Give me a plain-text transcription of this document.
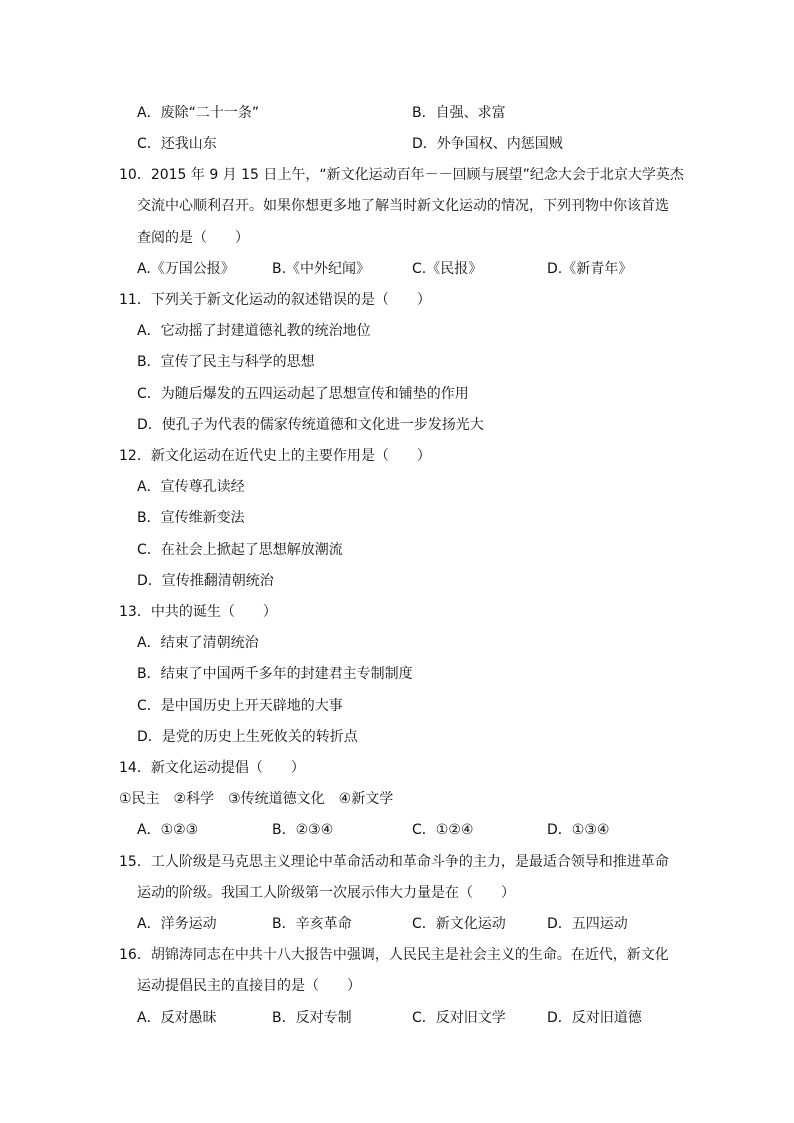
A．废除“二十一条”	B．自强、求富
C．还我山东	D．外争国权、内惩国贼
10．2015 年 9 月 15 日上午，“新文化运动百年－－回顾与展望”纪念大会于北京大学英杰
交流中心顺利召开。如果你想更多地了解当时新文化运动的情况，下列刊物中你该首选
查阅的是（　　）
A.《万国公报》	B.《中外纪闻》	C.《民报》	D.《新青年》
11．下列关于新文化运动的叙述错误的是（　　）
A．它动摇了封建道德礼教的统治地位
B．宣传了民主与科学的思想
C．为随后爆发的五四运动起了思想宣传和铺垫的作用
D．使孔子为代表的儒家传统道德和文化进一步发扬光大
12．新文化运动在近代史上的主要作用是（　　）
A．宣传尊孔读经
B．宣传维新变法
C．在社会上掀起了思想解放潮流
D．宣传推翻清朝统治
13．中共的诞生（　　）
A．结束了清朝统治
B．结束了中国两千多年的封建君主专制制度
C．是中国历史上开天辟地的大事
D．是党的历史上生死攸关的转折点
14．新文化运动提倡（　　）
①民主　②科学　③传统道德文化　④新文学
A．①②③	B．②③④	C．①②④	D．①③④
15．工人阶级是马克思主义理论中革命活动和革命斗争的主力，是最适合领导和推进革命
运动的阶级。我国工人阶级第一次展示伟大力量是在（　　）
A．洋务运动	B．辛亥革命	C．新文化运动	D．五四运动
16．胡锦涛同志在中共十八大报告中强调，人民民主是社会主义的生命。在近代，新文化
运动提倡民主的直接目的是（　　）
A．反对愚昧	B．反对专制	C．反对旧文学	D．反对旧道德
